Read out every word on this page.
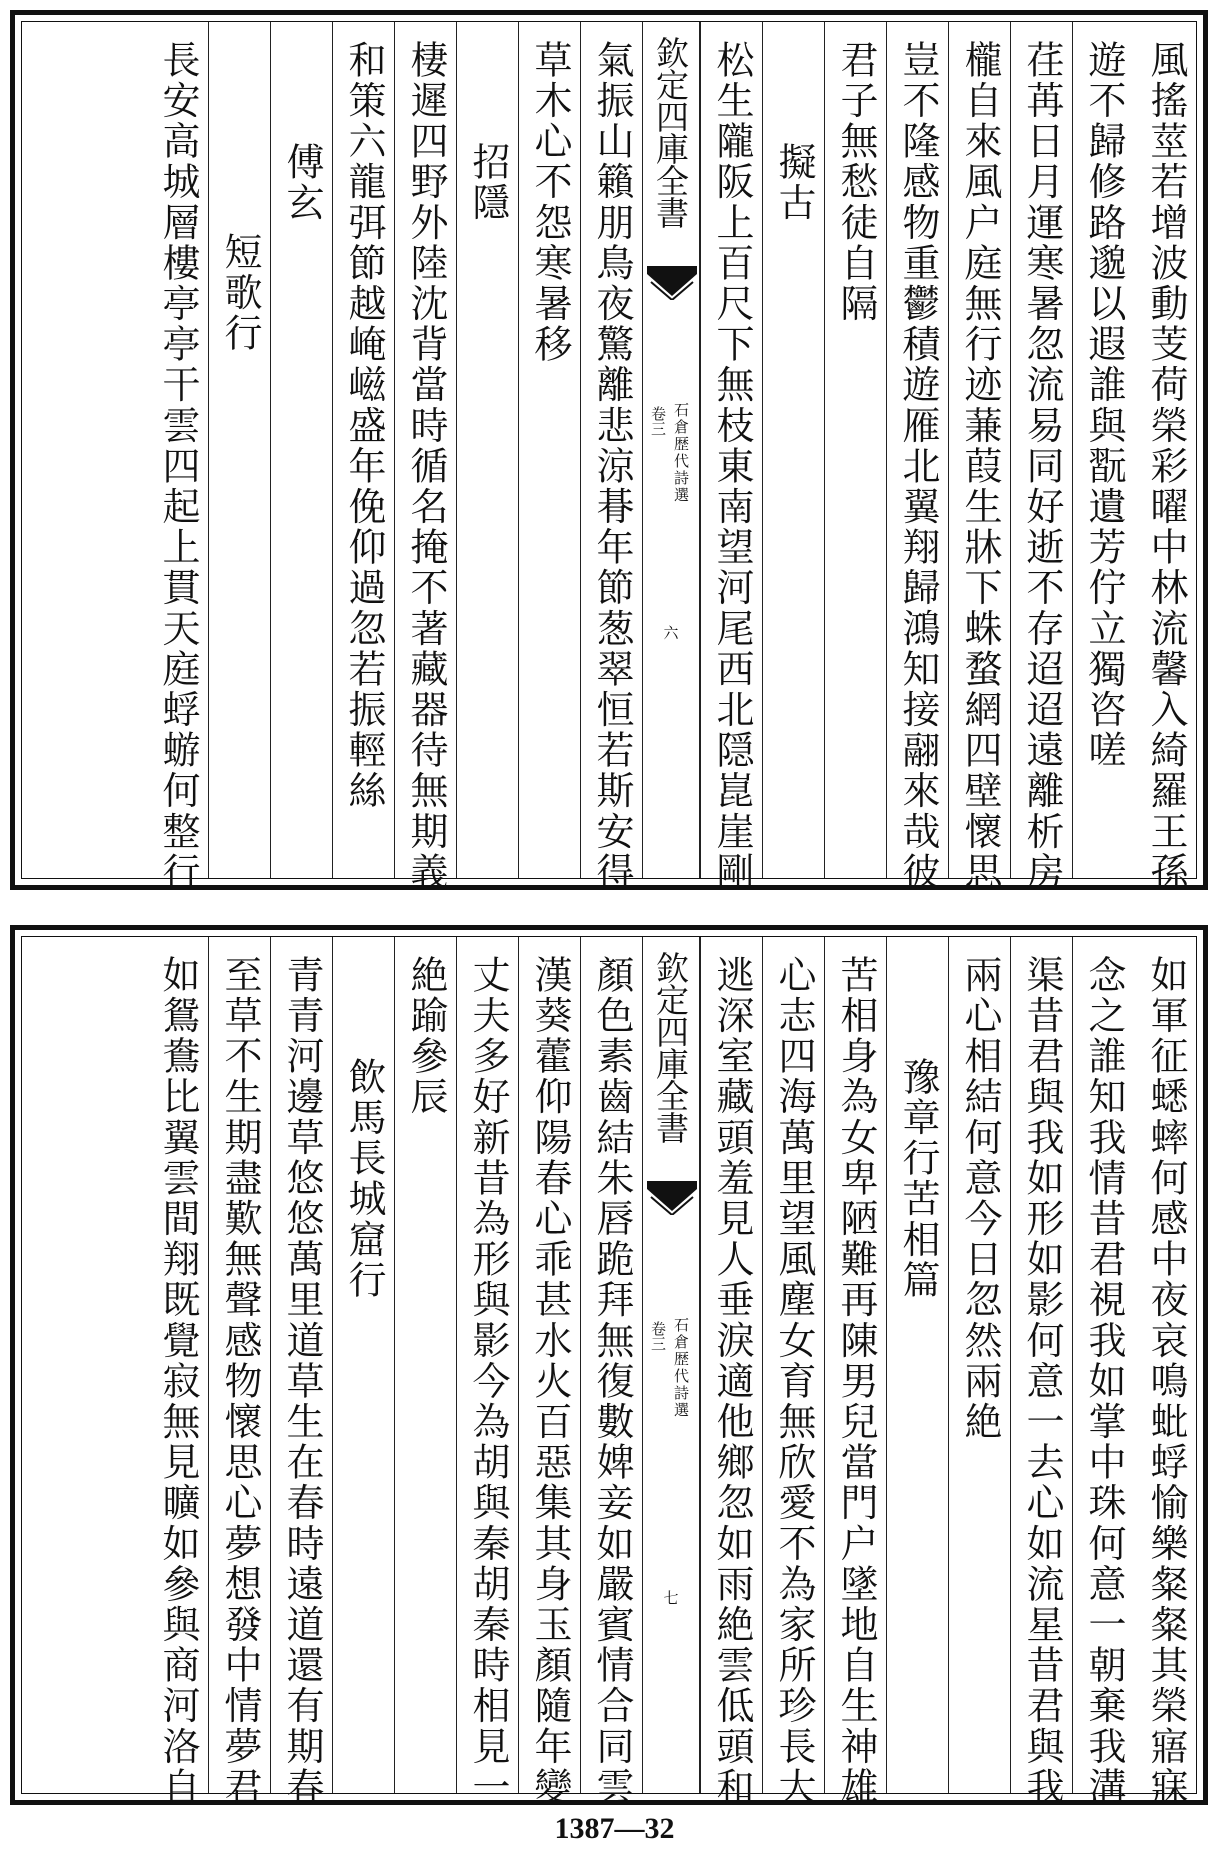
風搖莖若增波動芰荷榮彩曜中林流馨入綺羅王孫
遊不歸修路邈以遐誰與翫遺芳佇立獨咨嗟
荏苒日月運寒暑忽流易同好逝不存迢迢遠離析房
櫳自來風户庭無行迹蒹葭生牀下蛛蝥網四壁懷思
豈不隆感物重鬱積遊雁北翼翔歸鴻知接翮來哉彼
君子無愁徒自隔
擬古
松生隴阪上百尺下無枝東南望河尾西北隠崑崖剛
欽定四庫全書
石倉歴代詩選
卷三
六
氣振山籟朋鳥夜驚離悲涼朞年節葱翠恒若斯安得
草木心不怨寒暑移
招隱
棲遲四野外陸沈背當時循名掩不著藏器待無期義
和策六龍弭節越崦嵫盛年俛仰過忽若振輕絲
傅玄
短歌行
長安高城層樓亭亭干雲四起上貫天庭蜉蝣何整行
如軍征蟋蟀何感中夜哀鳴蚍蜉愉樂粲粲其榮寤寐
念之誰知我情昔君視我如掌中珠何意一朝棄我溝
渠昔君與我如形如影何意一去心如流星昔君與我
兩心相結何意今日忽然兩絶
豫章行苦相篇
苦相身為女卑陋難再陳男兒當門户墜地自生神雄
心志四海萬里望風塵女育無欣愛不為家所珍長大
逃深室藏頭羞見人垂淚適他鄉忽如雨絶雲低頭和
欽定四庫全書
石倉歴代詩選
卷三
七
顏色素齒結朱唇跪拜無復數婢妾如嚴賓情合同雲
漢葵藿仰陽春心乖甚水火百惡集其身玉顏隨年變
丈夫多好新昔為形與影今為胡與秦胡秦時相見一
絶踰參辰
飲馬長城窟行
青青河邊草悠悠萬里道草生在春時遠道還有期春
至草不生期盡歎無聲感物懷思心夢想發中情夢君
如鴛鴦比翼雲間翔既覺寂無見曠如參與商河洛自
1387—32
